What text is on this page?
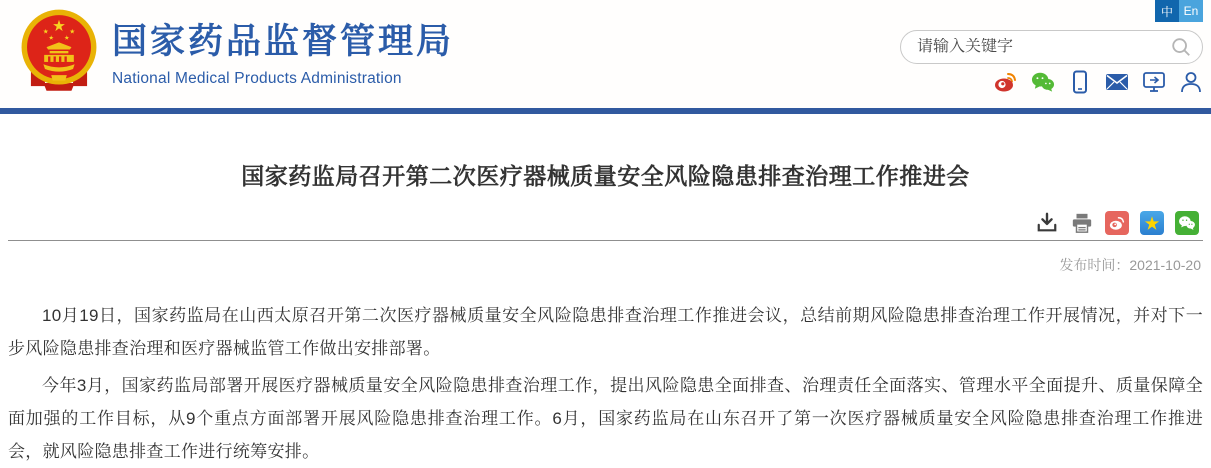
国家药品监督管理局
National Medical Products Administration
中 En
请输入关键字
国家药监局召开第二次医疗器械质量安全风险隐患排查治理工作推进会
发布时间：2021-10-20

10月19日，国家药监局在山西太原召开第二次医疗器械质量安全风险隐患排查治理工作推进会议，总结前期风险隐患排查治理工作开展情况，并对下一步风险隐患排查治理和医疗器械监管工作做出安排部署。

今年3月，国家药监局部署开展医疗器械质量安全风险隐患排查治理工作，提出风险隐患全面排查、治理责任全面落实、管理水平全面提升、质量保障全面加强的工作目标，从9个重点方面部署开展风险隐患排查治理工作。6月，国家药监局在山东召开了第一次医疗器械质量安全风险隐患排查治理工作推进会，就风险隐患排查工作进行统筹安排。
